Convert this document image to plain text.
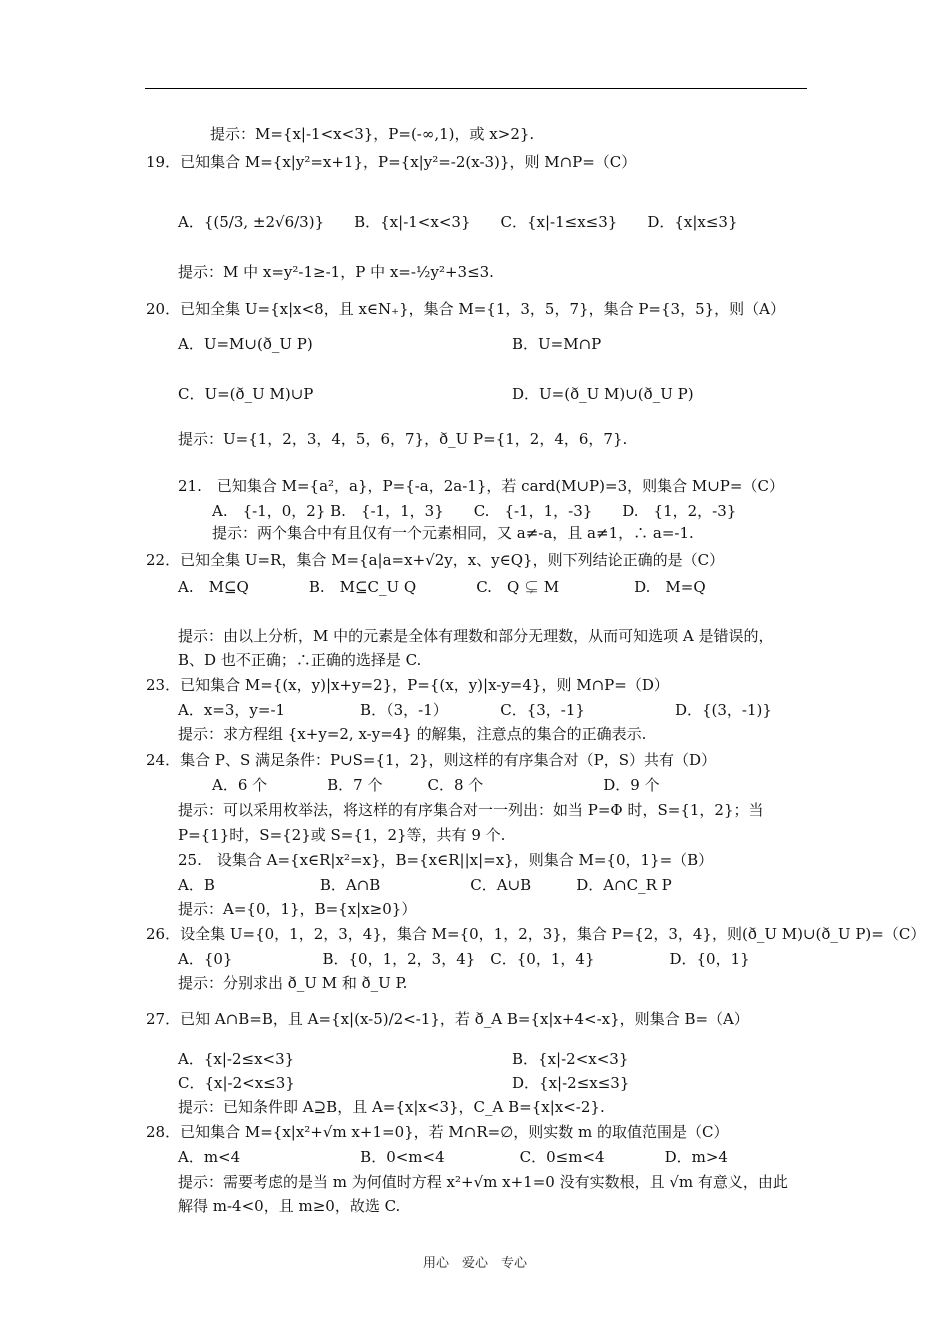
提示：M={x|-1<x<3}，P=(-∞,1)，或 x>2}.
19．已知集合 M={x|y²=x+1}，P={x|y²=-2(x-3)}，则 M∩P=（C）
A．{(5/3, ±2√6/3)}　　B．{x|-1<x<3}　　C．{x|-1≤x≤3}　　D．{x|x≤3}
提示：M 中 x=y²-1≥-1，P 中 x=-½y²+3≤3.
20．已知全集 U={x|x<8，且 x∈N₊}，集合 M={1，3，5，7}，集合 P={3，5}，则（A）
A．U=M∪(ð_U P)	B．U=M∩P
C．U=(ð_U M)∪P	D．U=(ð_U M)∪(ð_U P)
提示：U={1，2，3，4，5，6，7}，ð_U P={1，2，4，6，7}.
21.　已知集合 M={a²，a}，P={-a，2a-1}，若 card(M∪P)=3，则集合 M∪P=（C）
A.　{-1，0，2} B.　{-1，1，3}　　C.　{-1，1，-3}　　D.　{1，2，-3}
提示：两个集合中有且仅有一个元素相同，又 a≠-a，且 a≠1，∴ a=-1.
22．已知全集 U=R，集合 M={a|a=x+√2y，x、y∈Q}，则下列结论正确的是（C）
A.　M⊆Q　　　　B.　M⊆C_U Q　　　　C.　Q ⊊ M　　　　　D.　M=Q
提示：由以上分析，M 中的元素是全体有理数和部分无理数，从而可知选项 A 是错误的，
B、D 也不正确；∴正确的选择是 C.
23．已知集合 M={(x，y)|x+y=2}，P={(x，y)|x-y=4}，则 M∩P=（D）
A．x=3，y=-1　　　　　B．（3，-1）　　　　C．{3，-1}　　　　　　D．{(3，-1)}
提示：求方程组 {x+y=2, x-y=4} 的解集，注意点的集合的正确表示.
24．集合 P、S 满足条件：P∪S={1，2}，则这样的有序集合对（P，S）共有（D）
A．6 个　　　　B．7 个　　　C．8 个　　　　　　　　D．9 个
提示：可以采用枚举法，将这样的有序集合对一一列出：如当 P=Φ 时，S={1，2}；当
P={1}时，S={2}或 S={1，2}等，共有 9 个.
25.　设集合 A={x∈R|x²=x}，B={x∈R||x|=x}，则集合 M={0，1}=（B）
A．B　　　　　　　B．A∩B　　　　　　C．A∪B　　　D．A∩C_R P
提示：A={0，1}，B={x|x≥0}）
26．设全集 U={0，1，2，3，4}，集合 M={0，1，2，3}，集合 P={2，3，4}，则(ð_U M)∪(ð_U P)=（C）
A．{0}　　　　　　B．{0，1，2，3，4}　C．{0，1，4}　　　　　D．{0，1}
提示：分别求出 ð_U M 和 ð_U P.
27．已知 A∩B=B，且 A={x|(x-5)/2<-1}，若 ð_A B={x|x+4<-x}，则集合 B=（A）
A．{x|-2≤x<3}	B．{x|-2<x<3}
C．{x|-2<x≤3}	D．{x|-2≤x≤3}
提示：已知条件即 A⊇B，且 A={x|x<3}，C_A B={x|x<-2}.
28．已知集合 M={x|x²+√m x+1=0}，若 M∩R=∅，则实数 m 的取值范围是（C）
A．m<4　　　　　　　　B．0<m<4　　　　　C．0≤m<4　　　　D．m>4
提示：需要考虑的是当 m 为何值时方程 x²+√m x+1=0 没有实数根，且 √m 有意义，由此
解得 m-4<0，且 m≥0，故选 C.
用心　爱心　专心
